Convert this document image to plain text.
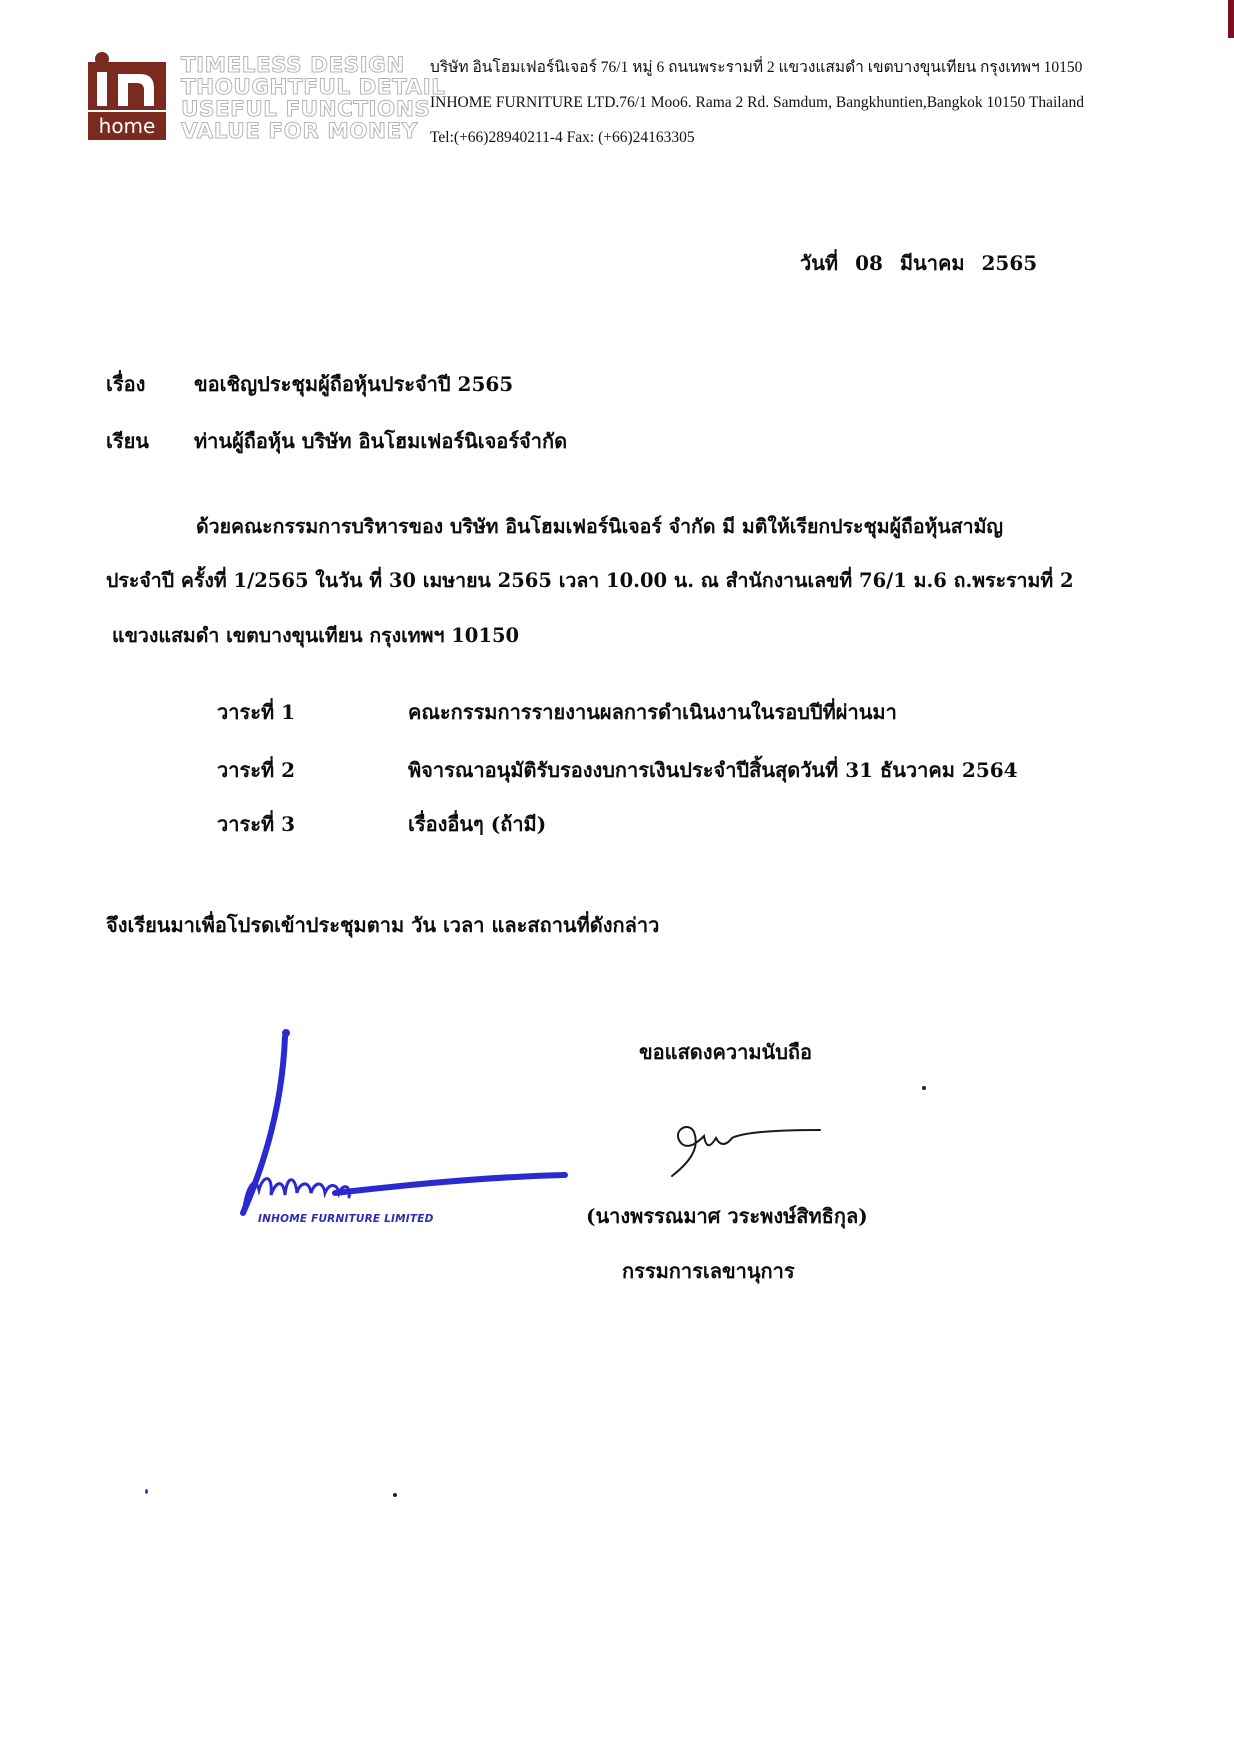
home
TIMELESS DESIGN
THOUGHTFUL DETAIL
USEFUL FUNCTIONS
VALUE FOR MONEY
บริษัท อินโฮมเฟอร์นิเจอร์ 76/1 หมู่ 6 ถนนพระรามที่ 2 แขวงแสมดำ เขตบางขุนเทียน กรุงเทพฯ 10150
INHOME FURNITURE LTD.76/1 Moo6. Rama 2 Rd. Samdum, Bangkhuntien,Bangkok 10150 Thailand
Tel:(+66)28940211-4 Fax: (+66)24163305
วันที่ 08 มีนาคม 2565
เรื่อง ขอเชิญประชุมผู้ถือหุ้นประจำปี 2565
เรียน ท่านผู้ถือหุ้น บริษัท อินโฮมเฟอร์นิเจอร์จำกัด
ด้วยคณะกรรมการบริหารของ บริษัท อินโฮมเฟอร์นิเจอร์ จำกัด มี มติให้เรียกประชุมผู้ถือหุ้นสามัญ
ประจำปี ครั้งที่ 1/2565 ในวัน ที่ 30 เมษายน 2565 เวลา 10.00 น. ณ สำนักงานเลขที่ 76/1 ม.6 ถ.พระรามที่ 2
แขวงแสมดำ เขตบางขุนเทียน กรุงเทพฯ 10150
วาระที่ 1	คณะกรรมการรายงานผลการดำเนินงานในรอบปีที่ผ่านมา
วาระที่ 2	พิจารณาอนุมัติรับรองงบการเงินประจำปีสิ้นสุดวันที่ 31 ธันวาคม 2564
วาระที่ 3	เรื่องอื่นๆ (ถ้ามี)
จึงเรียนมาเพื่อโปรดเข้าประชุมตาม วัน เวลา และสถานที่ดังกล่าว
INHOME FURNITURE LIMITED
ขอแสดงความนับถือ
(นางพรรณมาศ วระพงษ์สิทธิกุล)
กรรมการเลขานุการ
